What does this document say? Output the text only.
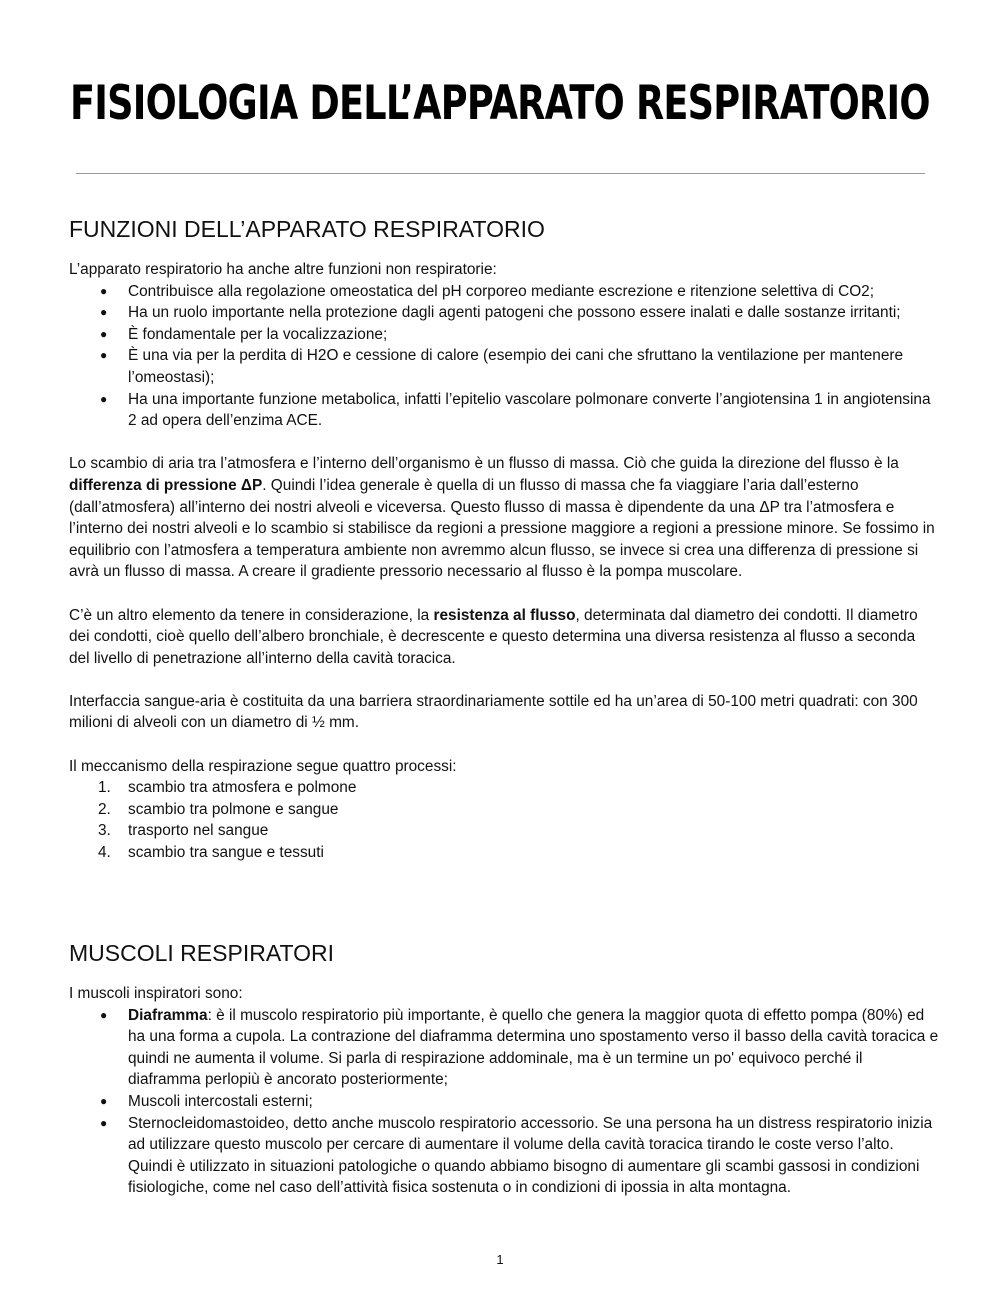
FISIOLOGIA DELL’APPARATO RESPIRATORIO
FUNZIONI DELL’APPARATO RESPIRATORIO

L’apparato respiratorio ha anche altre funzioni non respiratorie:

● Contribuisce alla regolazione omeostatica del pH corporeo mediante escrezione e ritenzione selettiva di CO2;
● Ha un ruolo importante nella protezione dagli agenti patogeni che possono essere inalati e dalle sostanze irritanti;
● È fondamentale per la vocalizzazione;
● È una via per la perdita di H2O e cessione di calore (esempio dei cani che sfruttano la ventilazione per mantenere l’omeostasi);
● Ha una importante funzione metabolica, infatti l’epitelio vascolare polmonare converte l’angiotensina 1 in angiotensina 2 ad opera dell’enzima ACE.

Lo scambio di aria tra l’atmosfera e l’interno dell’organismo è un flusso di massa. Ciò che guida la direzione del flusso è la differenza di pressione ΔP. Quindi l’idea generale è quella di un flusso di massa che fa viaggiare l’aria dall’esterno (dall’atmosfera) all’interno dei nostri alveoli e viceversa. Questo flusso di massa è dipendente da una ΔP tra l’atmosfera e l’interno dei nostri alveoli e lo scambio si stabilisce da regioni a pressione maggiore a regioni a pressione minore. Se fossimo in equilibrio con l’atmosfera a temperatura ambiente non avremmo alcun flusso, se invece si crea una differenza di pressione si avrà un flusso di massa. A creare il gradiente pressorio necessario al flusso è la pompa muscolare.

C’è un altro elemento da tenere in considerazione, la resistenza al flusso, determinata dal diametro dei condotti. Il diametro dei condotti, cioè quello dell’albero bronchiale, è decrescente e questo determina una diversa resistenza al flusso a seconda del livello di penetrazione all’interno della cavità toracica.

Interfaccia sangue-aria è costituita da una barriera straordinariamente sottile ed ha un’area di 50-100 metri quadrati: con 300 milioni di alveoli con un diametro di ½ mm.

Il meccanismo della respirazione segue quattro processi:

1. scambio tra atmosfera e polmone
2. scambio tra polmone e sangue
3. trasporto nel sangue
4. scambio tra sangue e tessuti
MUSCOLI RESPIRATORI

I muscoli inspiratori sono:

● Diaframma: è il muscolo respiratorio più importante, è quello che genera la maggior quota di effetto pompa (80%) ed ha una forma a cupola. La contrazione del diaframma determina uno spostamento verso il basso della cavità toracica e quindi ne aumenta il volume. Si parla di respirazione addominale, ma è un termine un po' equivoco perché il diaframma perlopiù è ancorato posteriormente;
● Muscoli intercostali esterni;
● Sternocleidomastoideo, detto anche muscolo respiratorio accessorio. Se una persona ha un distress respiratorio inizia ad utilizzare questo muscolo per cercare di aumentare il volume della cavità toracica tirando le coste verso l’alto. Quindi è utilizzato in situazioni patologiche o quando abbiamo bisogno di aumentare gli scambi gassosi in condizioni fisiologiche, come nel caso dell’attività fisica sostenuta o in condizioni di ipossia in alta montagna.
1
